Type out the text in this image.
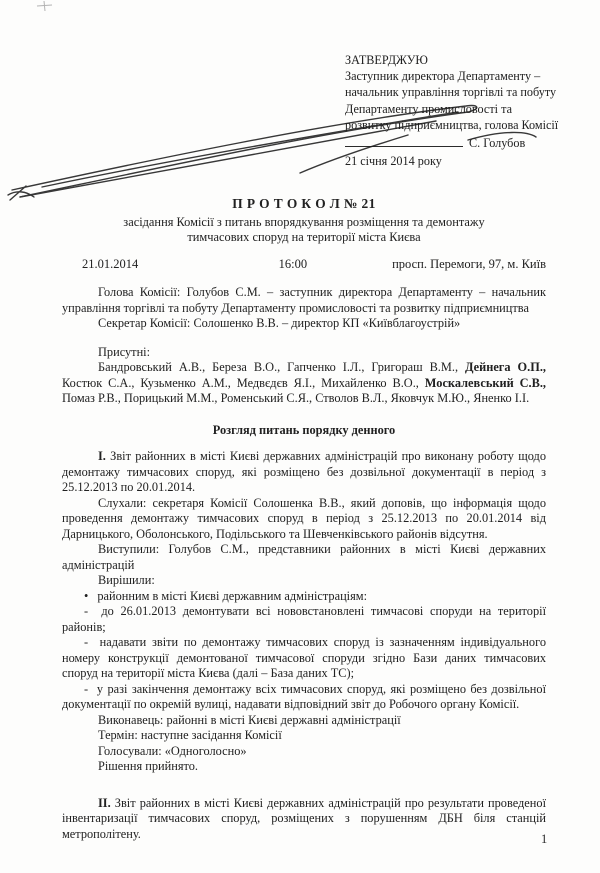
ЗАТВЕРДЖУЮ
Заступник директора Департаменту –
начальник управління торгівлі та побуту
Департаменту промисловості та
розвитку підприємництва, голова Комісії
С. Голубов
21 січня 2014 року
П Р О Т О К О Л № 21
засідання Комісії з питань впорядкування розміщення та демонтажу
тимчасових споруд на території міста Києва
21.01.2014	16:00	просп. Перемоги, 97, м. Київ

Голова Комісії: Голубов С.М. – заступник директора Департаменту – начальник управління торгівлі та побуту Департаменту промисловості та розвитку підприємництва

Секретар Комісії: Солошенко В.В. – директор КП «Київблагоустрій»

Присутні:

Бандровський А.В., Береза В.О., Гапченко І.Л., Григораш В.М., Дейнега О.П., Костюк С.А., Кузьменко А.М., Медвєдєв Я.І., Михайленко В.О., Москалевський С.В., Помаз Р.В., Порицький М.М., Роменський С.Я., Стволов В.Л., Яковчук М.Ю., Яненко І.І.

Розгляд питань порядку денного

І. Звіт районних в місті Києві державних адміністрацій про виконану роботу щодо демонтажу тимчасових споруд, які розміщено без дозвільної документації в період з 25.12.2013 по 20.01.2014.

Слухали: секретаря Комісії Солошенка В.В., який доповів, що інформація щодо проведення демонтажу тимчасових споруд в період з 25.12.2013 по 20.01.2014 від Дарницького, Оболонського, Подільського та Шевченківського районів відсутня.

Виступили: Голубов С.М., представники районних в місті Києві державних адміністрацій

Вирішили:

• районним в місті Києві державним адміністраціям:

-  до 26.01.2013 демонтувати всі нововстановлені тимчасові споруди на території районів;

-  надавати звіти по демонтажу тимчасових споруд із зазначенням індивідуального номеру конструкції демонтованої тимчасової споруди згідно Бази даних тимчасових споруд на території міста Києва (далі – База даних ТС);

-  у разі закінчення демонтажу всіх тимчасових споруд, які розміщено без дозвільної документації по окремій вулиці, надавати відповідний звіт до Робочого органу Комісії.

Виконавець: районні в місті Києві державні адміністрації

Термін: наступне засідання Комісії

Голосували: «Одноголосно»

Рішення прийнято.

ІІ. Звіт районних в місті Києві державних адміністрацій про результати проведеної інвентаризації тимчасових споруд, розміщених з порушенням ДБН біля станцій метрополітену.	1
